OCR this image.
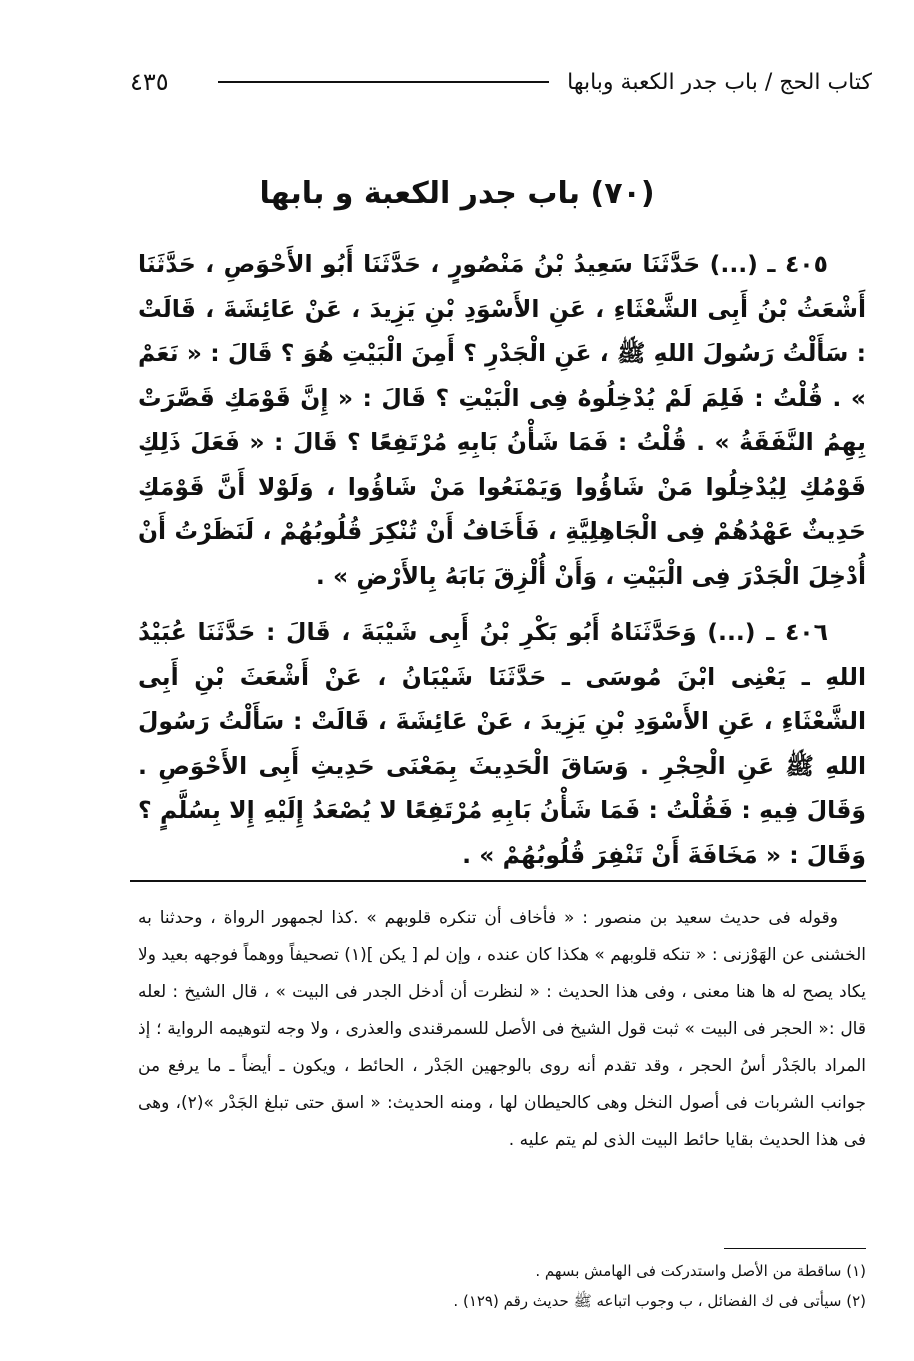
٤٣٥	كتاب الحج / باب جدر الكعبة وبابها
(٧٠) باب جدر الكعبة و بابها

٤٠٥ ـ (...) حَدَّثَنَا سَعِيدُ بْنُ مَنْصُورٍ ، حَدَّثَنَا أَبُو الأَحْوَصِ ، حَدَّثَنَا أَشْعَثُ بْنُ أَبِى الشَّعْثَاءِ ، عَنِ الأَسْوَدِ بْنِ يَزِيدَ ، عَنْ عَائِشَةَ ، قَالَتْ : سَأَلْتُ رَسُولَ اللهِ ﷺ ، عَنِ الْجَدْرِ ؟ أَمِنَ الْبَيْتِ هُوَ ؟ قَالَ : « نَعَمْ » . قُلْتُ : فَلِمَ لَمْ يُدْخِلُوهُ فِى الْبَيْتِ ؟ قَالَ : « إِنَّ قَوْمَكِ قَصَّرَتْ بِهِمُ النَّفَقَةُ » . قُلْتُ : فَمَا شَأْنُ بَابِهِ مُرْتَفِعًا ؟ قَالَ : « فَعَلَ ذَلِكِ قَوْمُكِ لِيُدْخِلُوا مَنْ شَاؤُوا وَيَمْنَعُوا مَنْ شَاؤُوا ، وَلَوْلا أَنَّ قَوْمَكِ حَدِيثٌ عَهْدُهُمْ فِى الْجَاهِلِيَّةِ ، فَأَخَافُ أَنْ تُنْكِرَ قُلُوبُهُمْ ، لَنَظَرْتُ أَنْ أُدْخِلَ الْجَدْرَ فِى الْبَيْتِ ، وَأَنْ أُلْزِقَ بَابَهُ بِالأَرْضِ » .

٤٠٦ ـ (...) وَحَدَّثَنَاهُ أَبُو بَكْرِ بْنُ أَبِى شَيْبَةَ ، قَالَ : حَدَّثَنَا عُبَيْدُ اللهِ ـ يَعْنِى ابْنَ مُوسَى ـ حَدَّثَنَا شَيْبَانُ ، عَنْ أَشْعَثَ بْنِ أَبِى الشَّعْثَاءِ ، عَنِ الأَسْوَدِ بْنِ يَزِيدَ ، عَنْ عَائِشَةَ ، قَالَتْ : سَأَلْتُ رَسُولَ اللهِ ﷺ عَنِ الْحِجْرِ . وَسَاقَ الْحَدِيثَ بِمَعْنَى حَدِيثِ أَبِى الأَحْوَصِ . وَقَالَ فِيهِ : فَقُلْتُ : فَمَا شَأْنُ بَابِهِ مُرْتَفِعًا لا يُصْعَدُ إِلَيْهِ إِلا بِسُلَّمٍ ؟ وَقَالَ : « مَخَافَةَ أَنْ تَنْفِرَ قُلُوبُهُمْ » .

وقوله فى حديث سعيد بن منصور : « فأخاف أن تنكره قلوبهم » .كذا لجمهور الرواة ، وحدثنا به الخشنى عن الهَوْزنى : « تنكه قلوبهم » هكذا كان عنده ، وإن لم [ يكن ](١) تصحيفاً ووهماً فوجهه بعيد ولا يكاد يصح له ها هنا معنى ، وفى هذا الحديث : « لنظرت أن أدخل الجدر فى البيت » ، قال الشيخ : لعله قال :« الحجر فى البيت » ثبت قول الشيخ فى الأصل للسمرقندى والعذرى ، ولا وجه لتوهيمه الرواية ؛ إذ المراد بالجَدْر أسُ الحجر ، وقد تقدم أنه روى بالوجهين الجَدْر ، الحائط ، ويكون ـ أيضاً ـ ما يرفع من جوانب الشربات فى أصول النخل وهى كالحيطان لها ، ومنه الحديث: « اسق حتى تبلغ الجَدْر »(٢)، وهى فى هذا الحديث بقايا حائط البيت الذى لم يتم عليه .

(١) ساقطة من الأصل واستدركت فى الهامش بسهم .

(٢) سيأتى فى ك الفضائل ، ب وجوب اتباعه ﷺ حديث رقم (١٢٩) .
